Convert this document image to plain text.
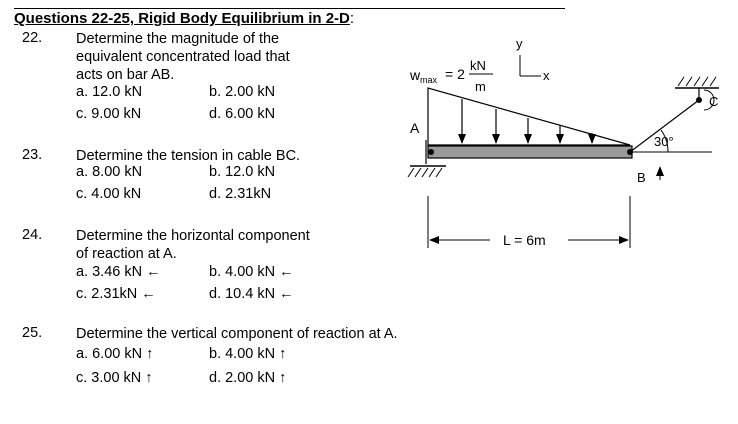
Questions 22-25, Rigid Body Equilibrium in 2-D:
22. Determine the magnitude of the
equivalent concentrated load that
acts on bar AB.
a. 12.0 kN	b. 2.00 kN
c. 9.00 kN	d. 6.00 kN
23. Determine the tension in cable BC.
a. 8.00 kN	b. 12.0 kN
c. 4.00 kN	d. 2.31kN
24. Determine the horizontal component
of reaction at A.
a. 3.46 kN ←	b. 4.00 kN ←
c. 2.31kN ←	d. 10.4 kN ←
25. Determine the vertical component of reaction at A.
a. 6.00 kN ↑	b. 4.00 kN ↑
c. 3.00 kN ↑	d. 2.00 kN ↑
w max = 2
kN
m
y
x
A
B
30°
C
L = 6m
